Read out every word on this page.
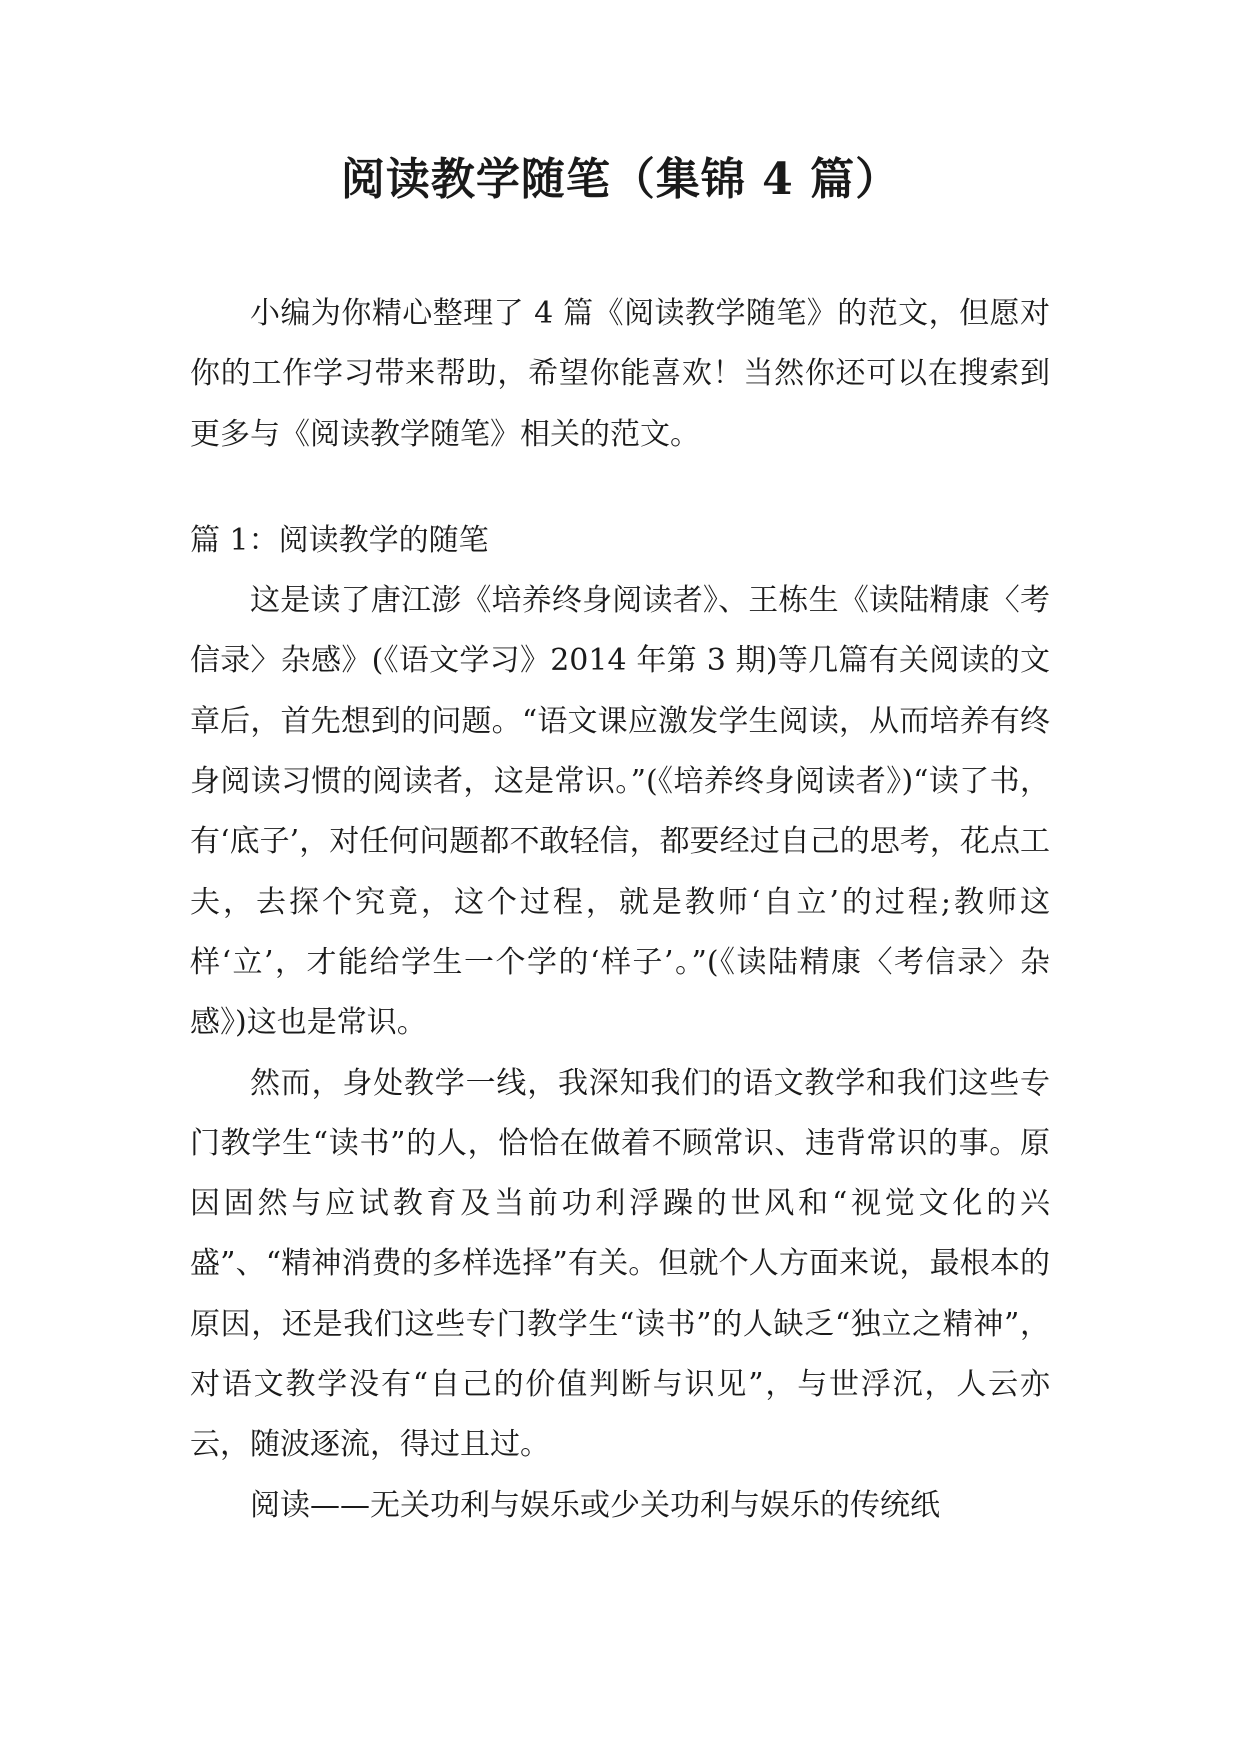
阅读教学随笔（集锦 4 篇）

小编为你精心整理了 4 篇《阅读教学随笔》的范文，但愿对你的工作学习带来帮助，希望你能喜欢！当然你还可以在搜索到更多与《阅读教学随笔》相关的范文。

篇 1：阅读教学的随笔

这是读了唐江澎《培养终身阅读者》、王栋生《读陆精康〈考信录〉杂感》(《语文学习》2014 年第 3 期)等几篇有关阅读的文章后，首先想到的问题。“语文课应激发学生阅读，从而培养有终身阅读习惯的阅读者，这是常识。”(《培养终身阅读者》)“读了书，有‘底子’，对任何问题都不敢轻信，都要经过自己的思考，花点工夫，去探个究竟，这个过程，就是教师‘自立’的过程;教师这样‘立’，才能给学生一个学的‘样子’。”(《读陆精康〈考信录〉杂感》)这也是常识。

然而，身处教学一线，我深知我们的语文教学和我们这些专门教学生“读书”的人，恰恰在做着不顾常识、违背常识的事。原因固然与应试教育及当前功利浮躁的世风和“视觉文化的兴盛”、“精神消费的多样选择”有关。但就个人方面来说，最根本的原因，还是我们这些专门教学生“读书”的人缺乏“独立之精神”，对语文教学没有“自己的价值判断与识见”，与世浮沉，人云亦云，随波逐流，得过且过。

阅读——无关功利与娱乐或少关功利与娱乐的传统纸
